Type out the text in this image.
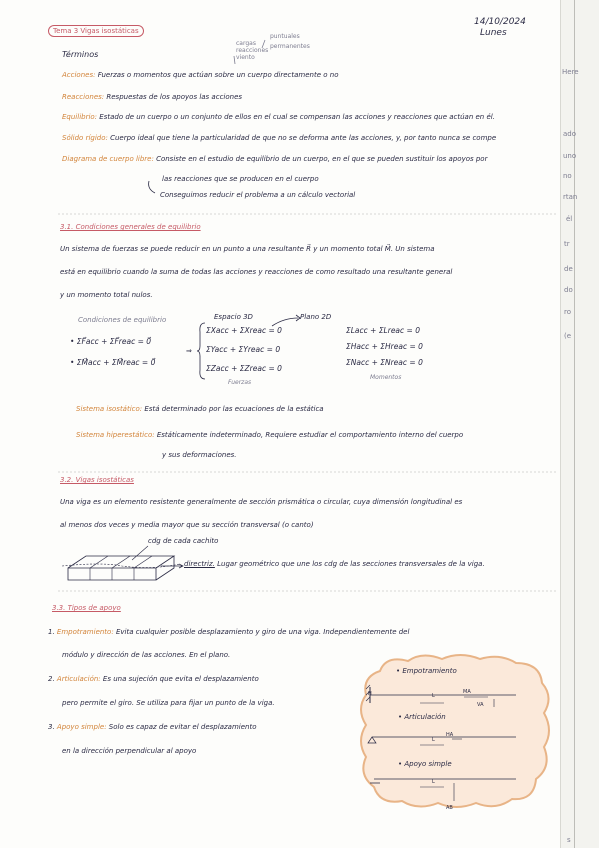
Here
ado
uno
no
rtan
él
tr
de
do
ro
(e
s
Tema 3 Vigas isostáticas
14/10/2024
Lunes
Términos
cargas
reacciones
viento
puntuales
permanentes
Acciones: Fuerzas o momentos que actúan sobre un cuerpo directamente o no
Reacciones: Respuestas de los apoyos las acciones
Equilibrio: Estado de un cuerpo o un conjunto de ellos en el cual se compensan las acciones y reacciones que actúan en él.
Sólido rígido: Cuerpo ideal que tiene la particularidad de que no se deforma ante las acciones, y, por tanto nunca se compe
Diagrama de cuerpo libre: Consiste en el estudio de equilibrio de un cuerpo, en el que se pueden sustituir los apoyos por
las reacciones que se producen en el cuerpo
Conseguimos reducir el problema a un cálculo vectorial
3.1. Condiciones generales de equilibrio
Un sistema de fuerzas se puede reducir en un punto a una resultante R⃗ y un momento total M⃗. Un sistema
está en equilibrio cuando la suma de todas las acciones y reacciones de como resultado una resultante general
y un momento total nulos.
Condiciones de equilibrio
• ΣF⃗acc + ΣF⃗reac = 0⃗
• ΣM⃗acc + ΣM⃗reac = 0⃗
⇒
Espacio 3D
ΣXacc + ΣXreac = 0
ΣYacc + ΣYreac = 0
ΣZacc + ΣZreac = 0
Fuerzas
Plano 2D
ΣLacc + ΣLreac = 0
ΣHacc + ΣHreac = 0
ΣNacc + ΣNreac = 0
Momentos
Sistema isostático: Está determinado por las ecuaciones de la estática
Sistema hiperestático: Estáticamente indeterminado, Requiere estudiar el comportamiento interno del cuerpo
y sus deformaciones.
3.2. Vigas isostáticas
Una viga es un elemento resistente generalmente de sección prismática o circular, cuya dimensión longitudinal es
al menos dos veces y media mayor que su sección transversal (o canto)
cdg de cada cachito
directriz. Lugar geométrico que une los cdg de las secciones transversales de la viga.
3.3. Tipos de apoyo
1. Empotramiento: Evita cualquier posible desplazamiento y giro de una viga. Independientemente del
módulo y dirección de las acciones. En el plano.
2. Articulación: Es una sujeción que evita el desplazamiento
pero permite el giro. Se utiliza para fijar un punto de la viga.
3. Apoyo simple: Solo es capaz de evitar el desplazamiento
en la dirección perpendicular al apoyo
• Empotramiento
• Articulación
• Apoyo simple
L
L
L
H	MA
VA
HA
AB
